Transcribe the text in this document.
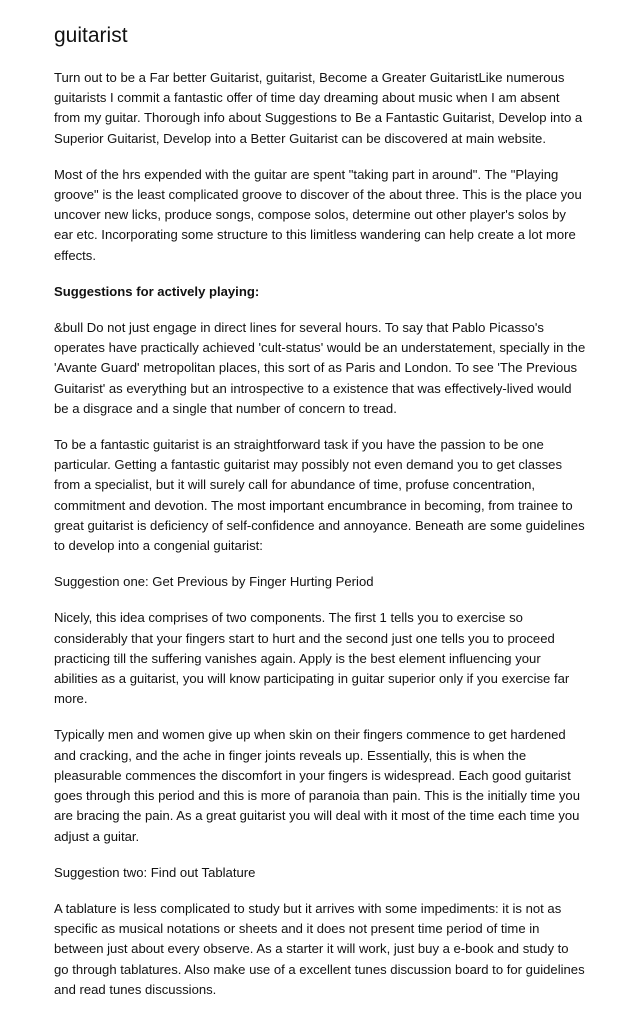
guitarist

Turn out to be a Far better Guitarist, guitarist, Become a Greater GuitaristLike numerous guitarists I commit a fantastic offer of time day dreaming about music when I am absent from my guitar. Thorough info about Suggestions to Be a Fantastic Guitarist, Develop into a Superior Guitarist, Develop into a Better Guitarist can be discovered at main website.

Most of the hrs expended with the guitar are spent "taking part in around". The "Playing groove" is the least complicated groove to discover of the about three. This is the place you uncover new licks, produce songs, compose solos, determine out other player's solos by ear etc. Incorporating some structure to this limitless wandering can help create a lot more effects.

Suggestions for actively playing:

&bull Do not just engage in direct lines for several hours. To say that Pablo Picasso's operates have practically achieved 'cult-status' would be an understatement, specially in the 'Avante Guard' metropolitan places, this sort of as Paris and London. To see 'The Previous Guitarist' as everything but an introspective to a existence that was effectively-lived would be a disgrace and a single that number of concern to tread.

To be a fantastic guitarist is an straightforward task if you have the passion to be one particular. Getting a fantastic guitarist may possibly not even demand you to get classes from a specialist, but it will surely call for abundance of time, profuse concentration, commitment and devotion. The most important encumbrance in becoming, from trainee to great guitarist is deficiency of self-confidence and annoyance. Beneath are some guidelines to develop into a congenial guitarist:

Suggestion one: Get Previous by Finger Hurting Period

Nicely, this idea comprises of two components. The first 1 tells you to exercise so considerably that your fingers start to hurt and the second just one tells you to proceed practicing till the suffering vanishes again. Apply is the best element influencing your abilities as a guitarist, you will know participating in guitar superior only if you exercise far more.

Typically men and women give up when skin on their fingers commence to get hardened and cracking, and the ache in finger joints reveals up. Essentially, this is when the pleasurable commences the discomfort in your fingers is widespread. Each good guitarist goes through this period and this is more of paranoia than pain. This is the initially time you are bracing the pain. As a great guitarist you will deal with it most of the time each time you adjust a guitar.

Suggestion two: Find out Tablature

A tablature is less complicated to study but it arrives with some impediments: it is not as specific as musical notations or sheets and it does not present time period of time in between just about every observe. As a starter it will work, just buy a e-book and study to go through tablatures. Also make use of a excellent tunes discussion board to for guidelines and read tunes discussions.
